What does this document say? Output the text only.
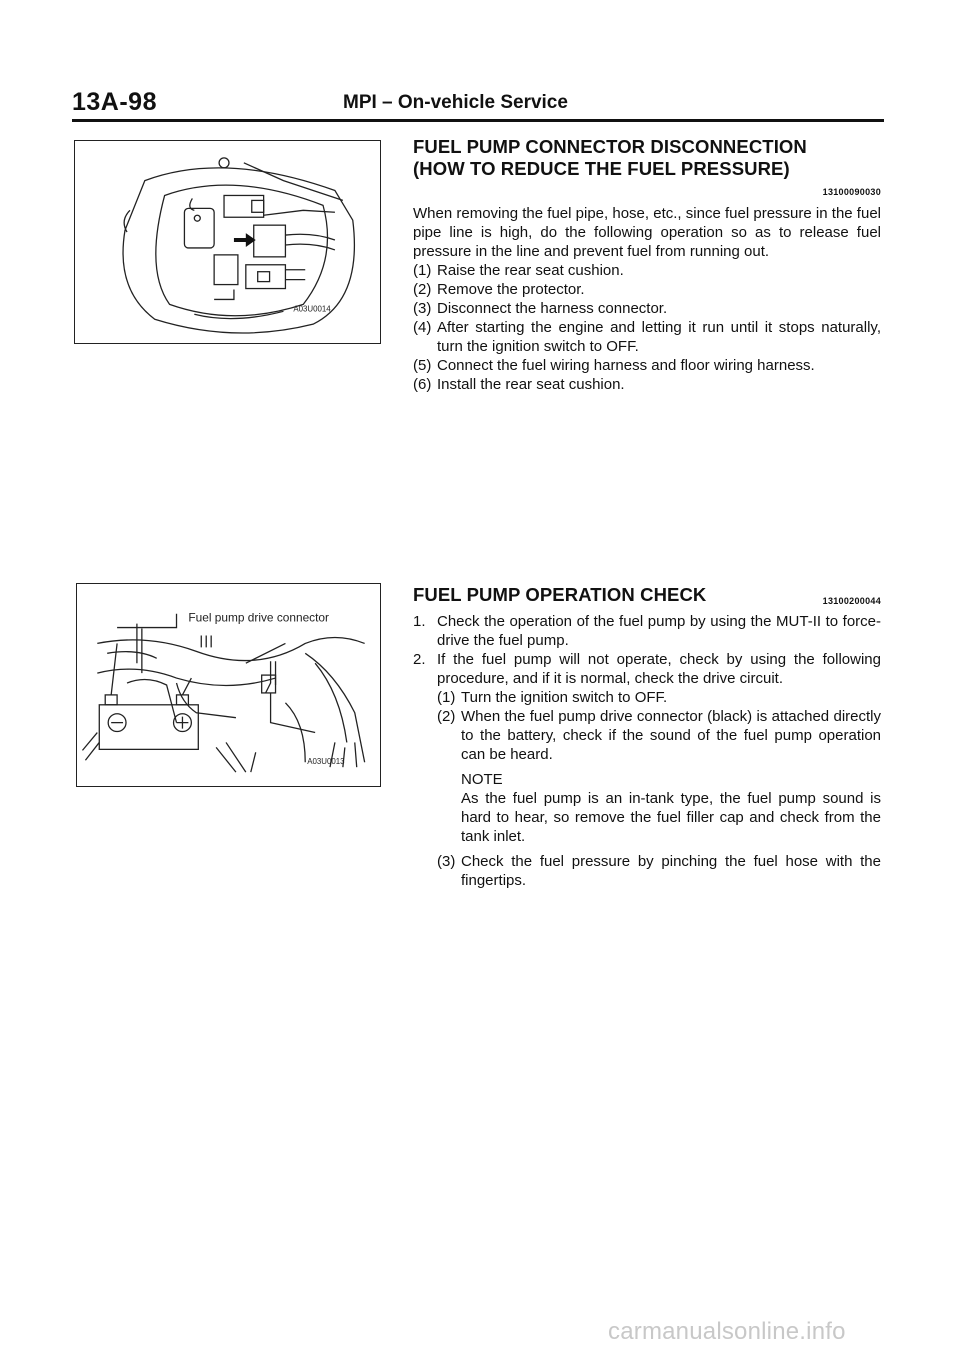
13A-98	MPI – On-vehicle Service
A03U0014
FUEL PUMP CONNECTOR DISCONNECTION
(HOW TO REDUCE THE FUEL PRESSURE)
13100090030
When removing the fuel pipe, hose, etc., since fuel pressure in the fuel pipe line is high, do the following operation so as to release fuel pressure in the line and prevent fuel from running out.
(1) Raise the rear seat cushion.
(2) Remove the protector.
(3) Disconnect the harness connector.
(4) After starting the engine and letting it run until it stops naturally, turn the ignition switch to OFF.
(5) Connect the fuel wiring harness and floor wiring harness.
(6) Install the rear seat cushion.
Fuel pump drive connector
A03U0013
FUEL PUMP OPERATION CHECK	13100200044
1. Check the operation of the fuel pump by using the MUT-II to force-drive the fuel pump.
2. If the fuel pump will not operate, check by using the following procedure, and if it is normal, check the drive circuit.
(1) Turn the ignition switch to OFF.
(2) When the fuel pump drive connector (black) is attached directly to the battery, check if the sound of the fuel pump operation can be heard.
NOTE
As the fuel pump is an in-tank type, the fuel pump sound is hard to hear, so remove the fuel filler cap and check from the tank inlet.
(3) Check the fuel pressure by pinching the fuel hose with the fingertips.
carmanualsonline.info
